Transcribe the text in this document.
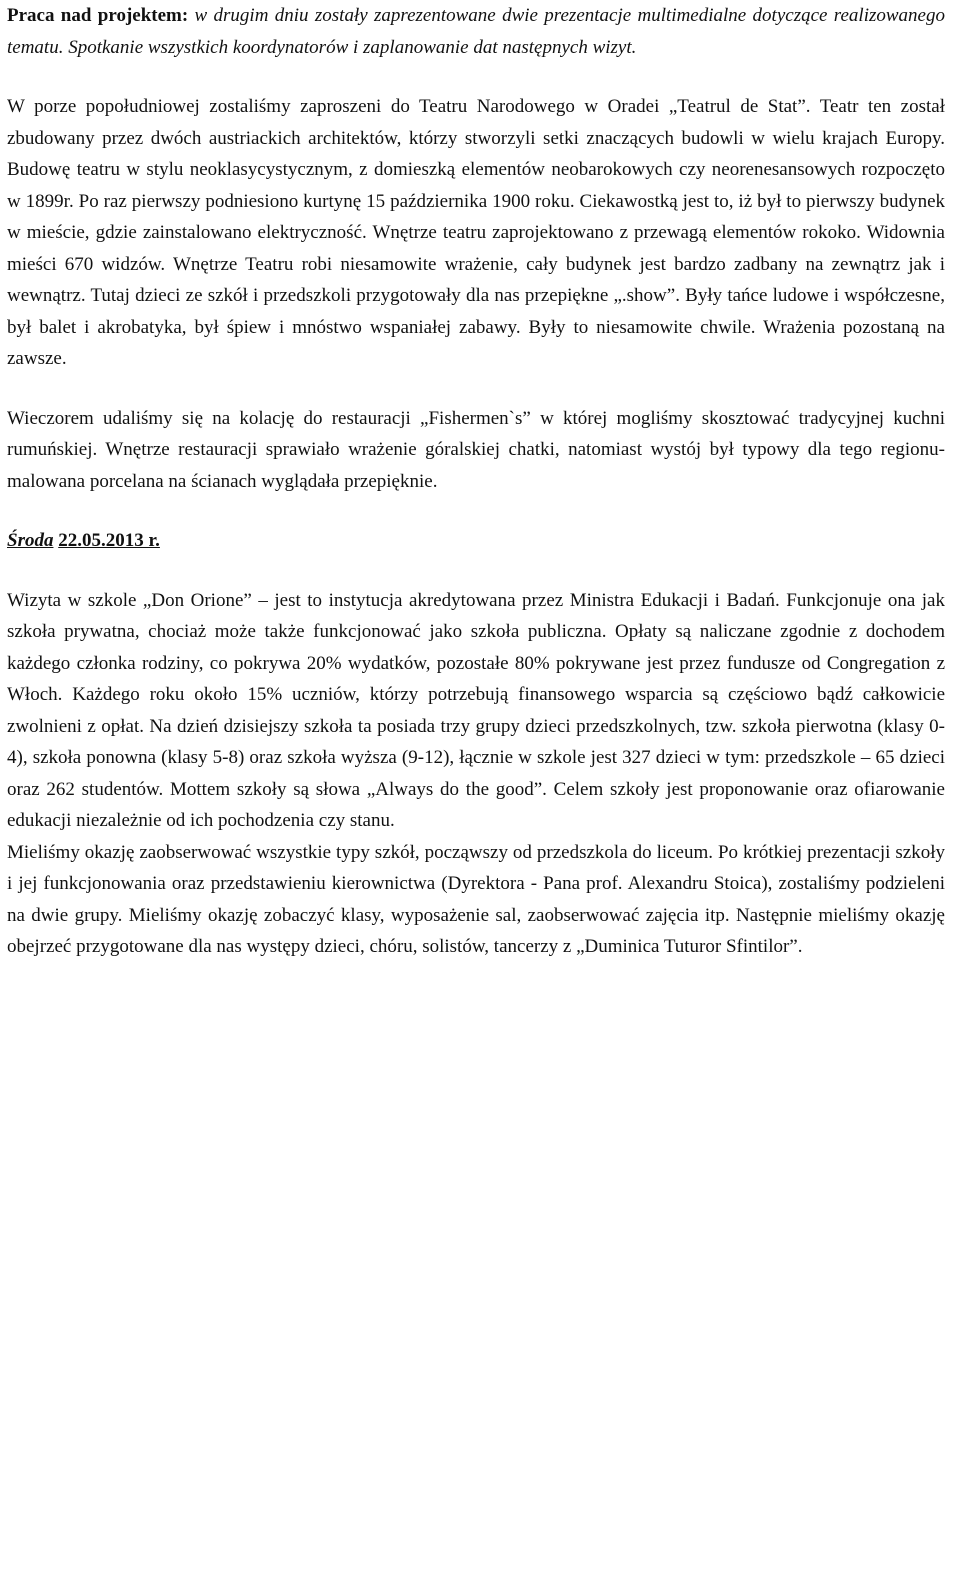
Praca nad projektem: w drugim dniu zostały zaprezentowane dwie prezentacje multimedialne dotyczące realizowanego tematu. Spotkanie wszystkich koordynatorów i zaplanowanie dat następnych wizyt.

W porze popołudniowej zostaliśmy zaproszeni do Teatru Narodowego w Oradei „Teatrul de Stat”. Teatr ten został zbudowany przez dwóch austriackich architektów, którzy stworzyli setki znaczących budowli w wielu krajach Europy. Budowę teatru w stylu neoklasycystycznym, z domieszką elementów neobarokowych czy neorenesansowych rozpoczęto w 1899r. Po raz pierwszy podniesiono kurtynę 15 października 1900 roku. Ciekawostką jest to, iż był to pierwszy budynek w mieście, gdzie zainstalowano elektryczność. Wnętrze teatru zaprojektowano z przewagą elementów rokoko. Widownia mieści 670 widzów. Wnętrze Teatru robi niesamowite wrażenie, cały budynek jest bardzo zadbany na zewnątrz jak i wewnątrz. Tutaj dzieci ze szkół i przedszkoli przygotowały dla nas przepiękne „.show”. Były tańce ludowe i współczesne, był balet i akrobatyka, był śpiew i mnóstwo wspaniałej zabawy. Były to niesamowite chwile. Wrażenia pozostaną na zawsze.

Wieczorem udaliśmy się na kolację do restauracji „Fishermen`s” w której mogliśmy skosztować tradycyjnej kuchni rumuńskiej. Wnętrze restauracji sprawiało wrażenie góralskiej chatki, natomiast wystój był typowy dla tego regionu- malowana porcelana na ścianach wyglądała przepięknie.

Środa 22.05.2013 r.

Wizyta w szkole „Don Orione” – jest to instytucja akredytowana przez Ministra Edukacji i Badań. Funkcjonuje ona jak szkoła prywatna, chociaż może także funkcjonować jako szkoła publiczna. Opłaty są naliczane zgodnie z dochodem każdego członka rodziny, co pokrywa 20% wydatków, pozostałe 80% pokrywane jest przez fundusze od Congregation z Włoch. Każdego roku około 15% uczniów, którzy potrzebują finansowego wsparcia są częściowo bądź całkowicie zwolnieni z opłat. Na dzień dzisiejszy szkoła ta posiada trzy grupy dzieci przedszkolnych, tzw. szkoła pierwotna (klasy 0-4), szkoła ponowna (klasy 5-8) oraz szkoła wyższa (9-12), łącznie w szkole jest 327 dzieci w tym: przedszkole – 65 dzieci oraz 262 studentów. Mottem szkoły są słowa „Always do the good”. Celem szkoły jest proponowanie oraz ofiarowanie edukacji niezależnie od ich pochodzenia czy stanu.

Mieliśmy okazję zaobserwować wszystkie typy szkół, począwszy od przedszkola do liceum. Po krótkiej prezentacji szkoły i jej funkcjonowania oraz przedstawieniu kierownictwa (Dyrektora - Pana prof. Alexandru Stoica), zostaliśmy podzieleni na dwie grupy. Mieliśmy okazję zobaczyć klasy, wyposażenie sal, zaobserwować zajęcia itp. Następnie mieliśmy okazję obejrzeć przygotowane dla nas występy dzieci, chóru, solistów, tancerzy z „Duminica Tuturor Sfintilor”.
